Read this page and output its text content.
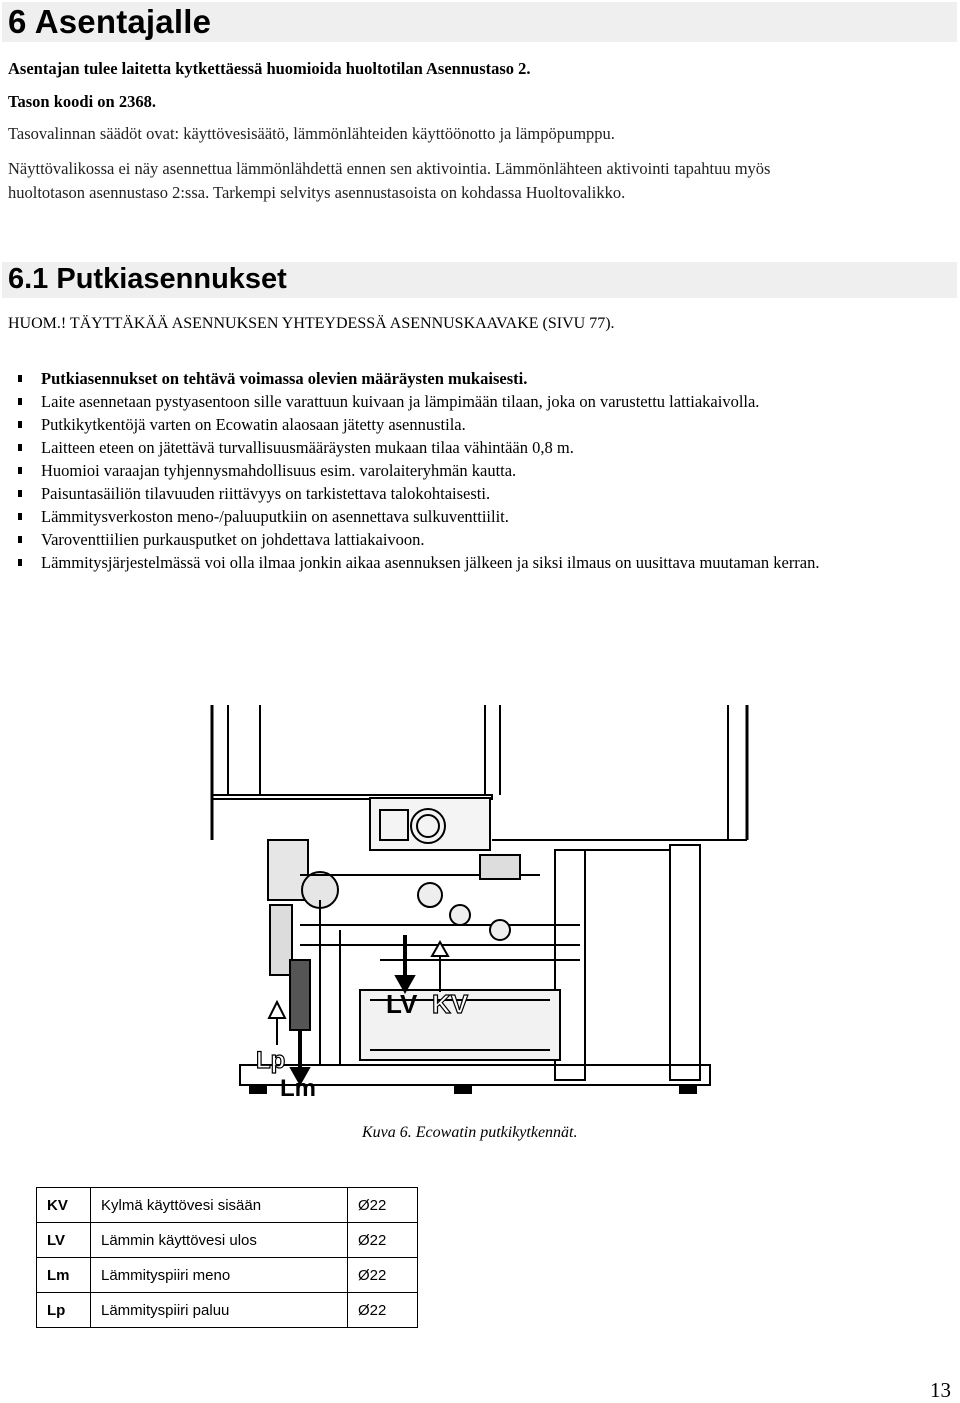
6 Asentajalle
Asentajan tulee laitetta kytkettäessä huomioida huoltotilan Asennustaso 2.
Tason koodi on 2368.
Tasovalinnan säädöt ovat: käyttövesisäätö, lämmönlähteiden käyttöönotto ja lämpöpumppu.
Näyttövalikossa ei näy asennettua lämmönlähdettä ennen sen aktivointia. Lämmönlähteen aktivointi tapahtuu myös
huoltotason asennustaso 2:ssa. Tarkempi selvitys asennustasoista on kohdassa Huoltovalikko.
6.1 Putkiasennukset
HUOM.! TÄYTTÄKÄÄ ASENNUKSEN YHTEYDESSÄ ASENNUSKAAVAKE (SIVU 77).
Putkiasennukset on tehtävä voimassa olevien määräysten mukaisesti.
Laite asennetaan pystyasentoon sille varattuun kuivaan ja lämpimään tilaan, joka on varustettu lattiakaivolla.
Putkikytkentöjä varten on Ecowatin alaosaan jätetty asennustila.
Laitteen eteen on jätettävä turvallisuusmääräysten mukaan tilaa vähintään 0,8 m.
Huomioi varaajan tyhjennysmahdollisuus esim. varolaiteryhmän kautta.
Paisuntasäiliön tilavuuden riittävyys on tarkistettava talokohtaisesti.
Lämmitysverkoston meno-/paluuputkiin on asennettava sulkuventtiilit.
Varoventtiilien purkausputket on johdettava lattiakaivoon.
Lämmitysjärjestelmässä voi olla ilmaa jonkin aikaa asennuksen jälkeen ja siksi ilmaus on uusittava muutaman kerran.
LV KV
Lp
Lm
Kuva 6. Ecowatin putkikytkennät.
KV	Kylmä käyttövesi sisään	Ø22
LV	Lämmin käyttövesi ulos	Ø22
Lm	Lämmityspiiri meno	Ø22
Lp	Lämmityspiiri paluu	Ø22
13
